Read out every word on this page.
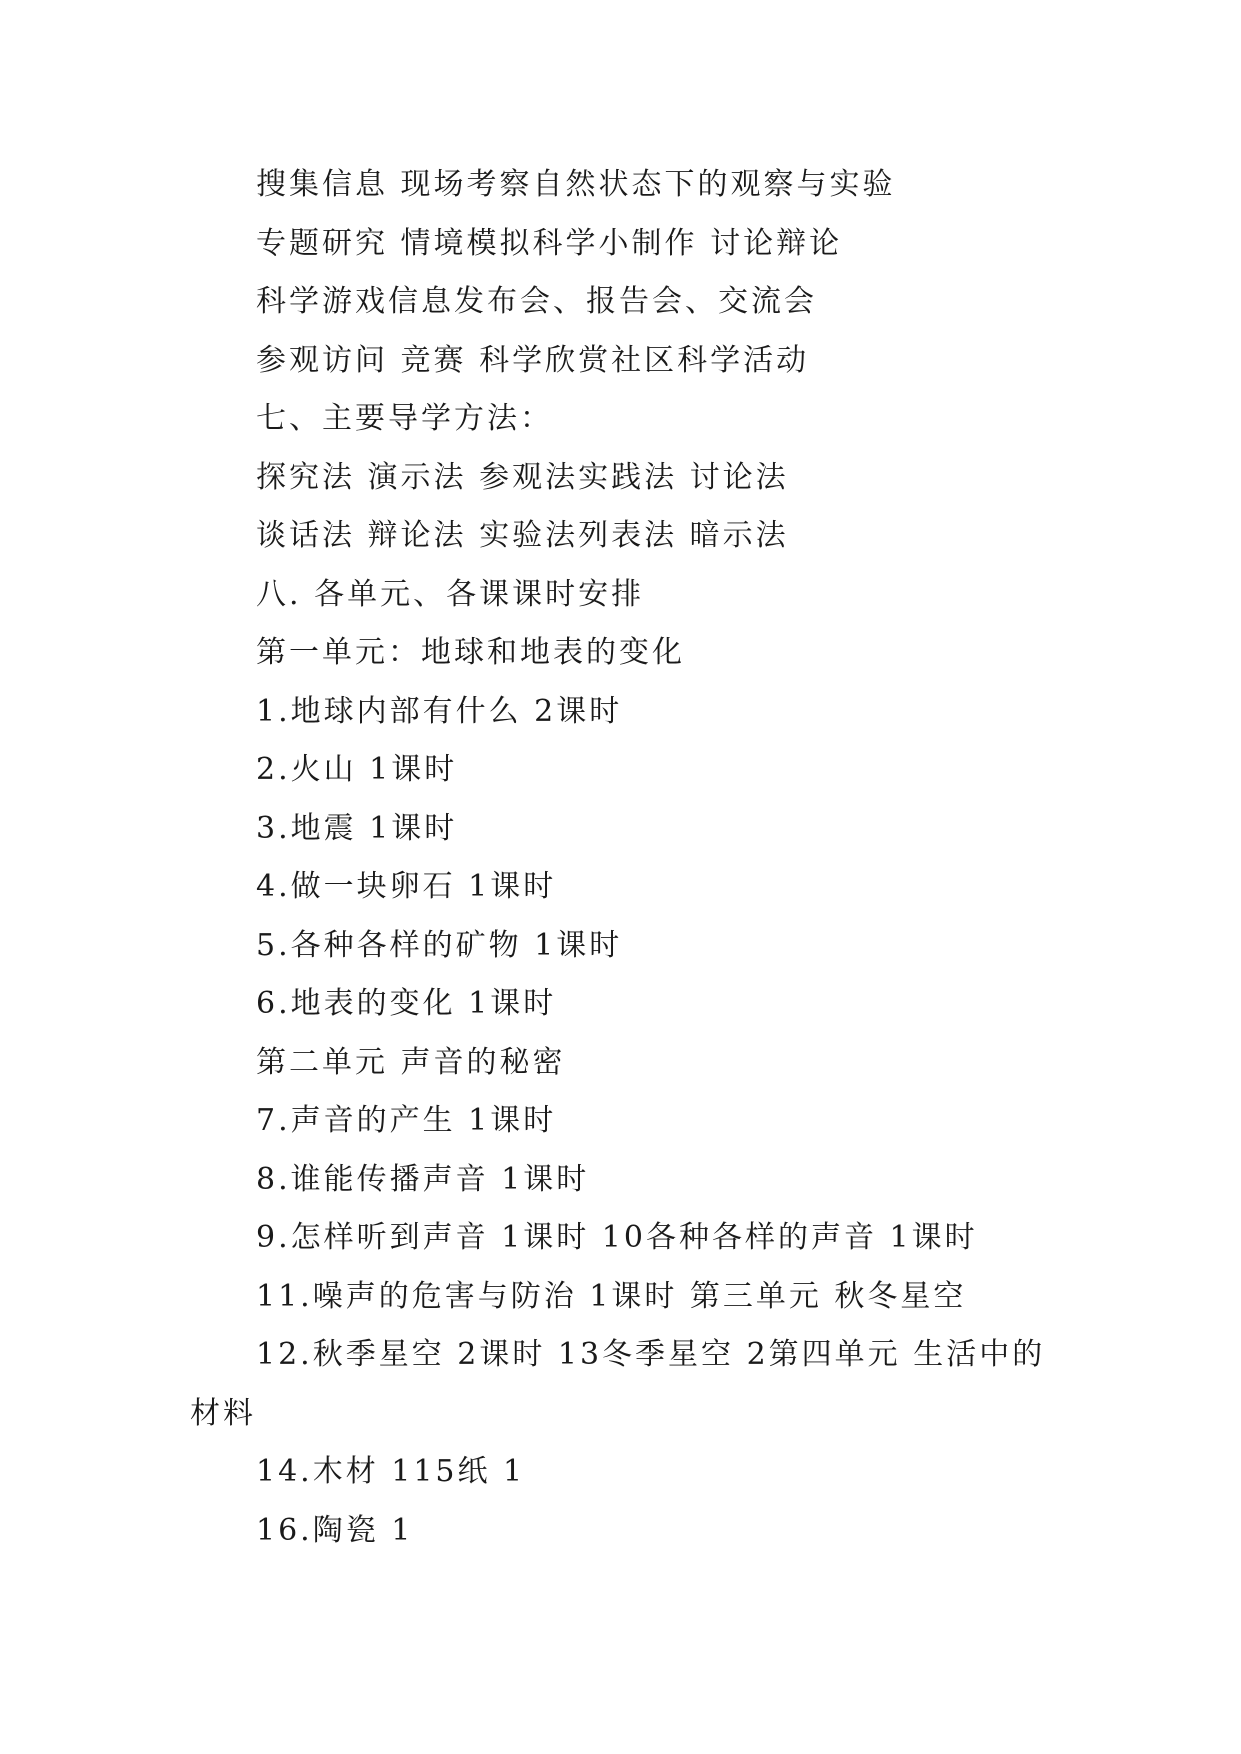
搜集信息 现场考察自然状态下的观察与实验
专题研究 情境模拟科学小制作 讨论辩论
科学游戏信息发布会、报告会、交流会
参观访问 竞赛 科学欣赏社区科学活动
七、主要导学方法：
探究法 演示法 参观法实践法 讨论法
谈话法 辩论法 实验法列表法 暗示法
八. 各单元、各课课时安排
第一单元：地球和地表的变化
1.地球内部有什么 2课时
2.火山 1课时
3.地震 1课时
4.做一块卵石 1课时
5.各种各样的矿物 1课时
6.地表的变化 1课时
第二单元 声音的秘密
7.声音的产生 1课时
8.谁能传播声音 1课时
9.怎样听到声音 1课时 10各种各样的声音 1课时
11.噪声的危害与防治 1课时 第三单元 秋冬星空
12.秋季星空 2课时 13冬季星空 2第四单元 生活中的
材料
14.木材 115纸 1
16.陶瓷 1
